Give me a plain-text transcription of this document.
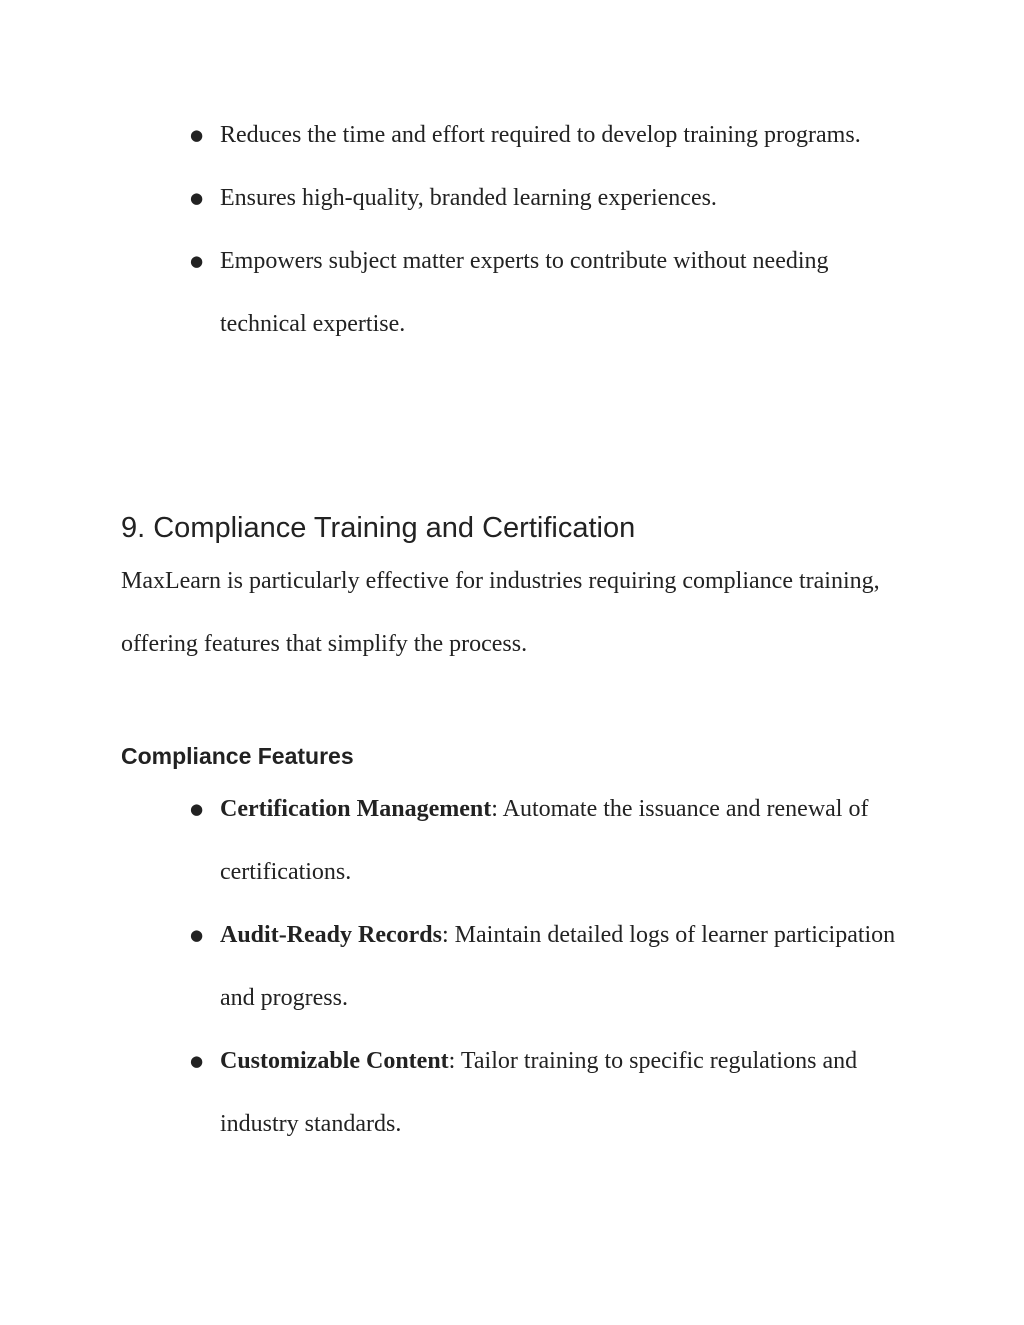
● Reduces the time and effort required to develop training programs.
● Ensures high-quality, branded learning experiences.
● Empowers subject matter experts to contribute without needing technical expertise.
9. Compliance Training and Certification

MaxLearn is particularly effective for industries requiring compliance training, offering features that simplify the process.

Compliance Features
● Certification Management: Automate the issuance and renewal of certifications.
● Audit-Ready Records: Maintain detailed logs of learner participation and progress.
● Customizable Content: Tailor training to specific regulations and industry standards.
